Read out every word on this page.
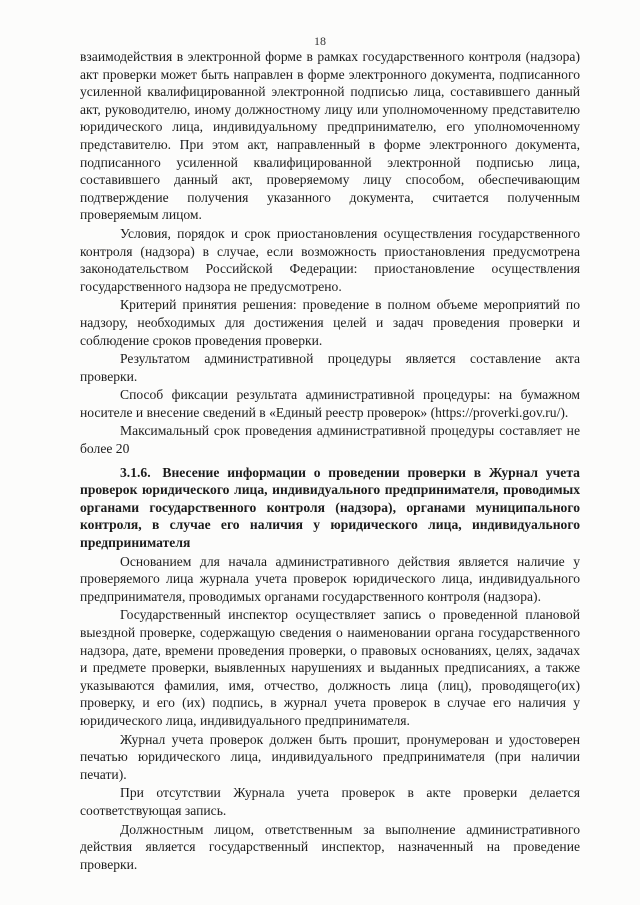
18

взаимодействия в электронной форме в рамках государственного контроля (надзора) акт проверки может быть направлен в форме электронного документа, подписанного усиленной квалифицированной электронной подписью лица, составившего данный акт, руководителю, иному должностному лицу или уполномоченному представителю юридического лица, индивидуальному предпринимателю, его уполномоченному представителю. При этом акт, направленный в форме электронного документа, подписанного усиленной квалифицированной электронной подписью лица, составившего данный акт, проверяемому лицу способом, обеспечивающим подтверждение получения указанного документа, считается полученным проверяемым лицом.

Условия, порядок и срок приостановления осуществления государственного контроля (надзора) в случае, если возможность приостановления предусмотрена законодательством Российской Федерации: приостановление осуществления государственного надзора не предусмотрено.

Критерий принятия решения: проведение в полном объеме мероприятий по надзору, необходимых для достижения целей и задач проведения проверки и соблюдение сроков проведения проверки.

Результатом административной процедуры является составление акта проверки.

Способ фиксации результата административной процедуры: на бумажном носителе и внесение сведений в «Единый реестр проверок» (https://proverki.gov.ru/).

Максимальный срок проведения административной процедуры составляет не более 20

3.1.6. Внесение информации о проведении проверки в Журнал учета проверок юридического лица, индивидуального предпринимателя, проводимых органами государственного контроля (надзора), органами муниципального контроля, в случае его наличия у юридического лица, индивидуального предпринимателя

Основанием для начала административного действия является наличие у проверяемого лица журнала учета проверок юридического лица, индивидуального предпринимателя, проводимых органами государственного контроля (надзора).

Государственный инспектор осуществляет запись о проведенной плановой выездной проверке, содержащую сведения о наименовании органа государственного надзора, дате, времени проведения проверки, о правовых основаниях, целях, задачах и предмете проверки, выявленных нарушениях и выданных предписаниях, а также указываются фамилия, имя, отчество, должность лица (лиц), проводящего(их) проверку, и его (их) подпись, в журнал учета проверок в случае его наличия у юридического лица, индивидуального предпринимателя.

Журнал учета проверок должен быть прошит, пронумерован и удостоверен печатью юридического лица, индивидуального предпринимателя (при наличии печати).

При отсутствии Журнала учета проверок в акте проверки делается соответствующая запись.

Должностным лицом, ответственным за выполнение административного действия является государственный инспектор, назначенный на проведение проверки.
